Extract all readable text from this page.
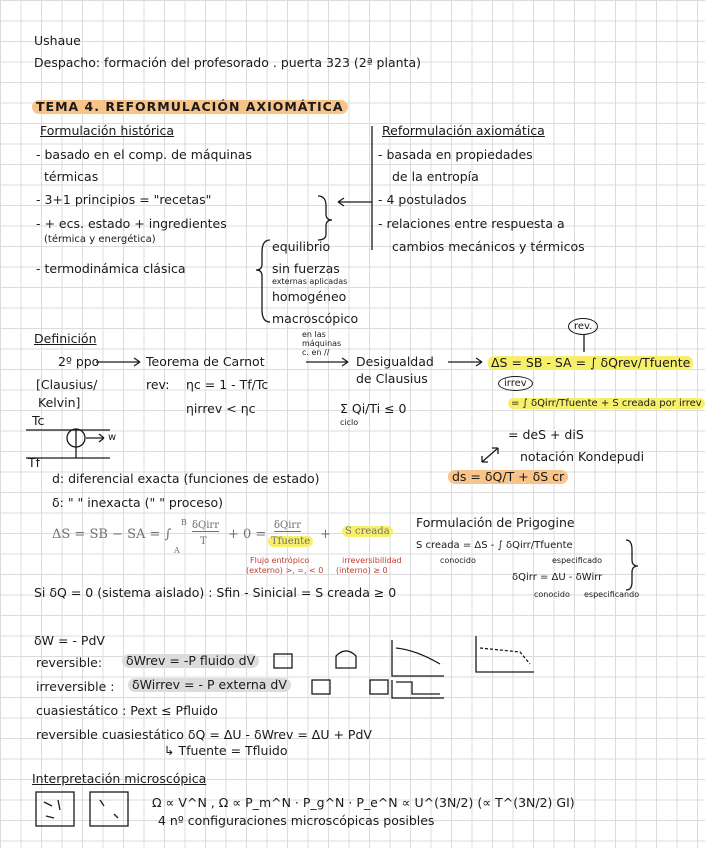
Ushaue
Despacho: formación del profesorado . puerta 323 (2ª planta)
TEMA 4. REFORMULACIÓN AXIOMÁTICA
Formulación histórica
- basado en el comp. de máquinas
térmicas
- 3+1 principios = "recetas"
- + ecs. estado + ingredientes
(térmica y energética)
- termodinámica clásica
equilibrio
sin fuerzas
externas aplicadas
homogéneo
macroscópico
Reformulación axiomática
- basada en propiedades
de la entropía
- 4 postulados
- relaciones entre respuesta a
cambios mecánicos y térmicos
Definición
2º ppo	Teorema de Carnot
en las máquinas c. en //
Desigualdad
de Clausius
[Clausius/
Kelvin]
rev: ηc = 1 - Tf/Tc
ηirrev < ηc	Σ Qi/Ti ≤ 0
ciclo
Tc
Tf
w
rev.
ΔS = SB - SA = ∫ δQrev/Tfuente
irrev
= ∫ δQirr/Tfuente + S creada por irrev
= deS + diS
notación Kondepudi
ds = δQ/T + δS cr
d: diferencial exacta (funciones de estado)
δ: " " inexacta (" " proceso)
ΔS = SB − SA = ∫
B
A
δQirr
T + 0 =
δQirr
Tfuente +	S creada
Flujo entrópico
(externo) >, =, < 0
irreversibilidad
(interno) ≥ 0
Formulación de Prigogine
S creada = ΔS - ∫ δQirr/Tfuente
conocido	especificado
δQirr = ΔU - δWirr
conocido especificando
Si δQ = 0 (sistema aislado) : Sfin - Sinicial = S creada ≥ 0
δW = - PdV
reversible:	δWrev = -P fluido dV
irreversible :	δWirrev = - P externa dV
cuasiestático : Pext ≤ Pfluido
reversible cuasiestático δQ = ΔU - δWrev = ΔU + PdV
↳ Tfuente = Tfluido
Interpretación microscópica
Ω ∝ V^N , Ω ∝ P_m^N · P_g^N · P_e^N ∝ U^(3N/2) (∝ T^(3N/2) GI)
4 nº configuraciones microscópicas posibles
